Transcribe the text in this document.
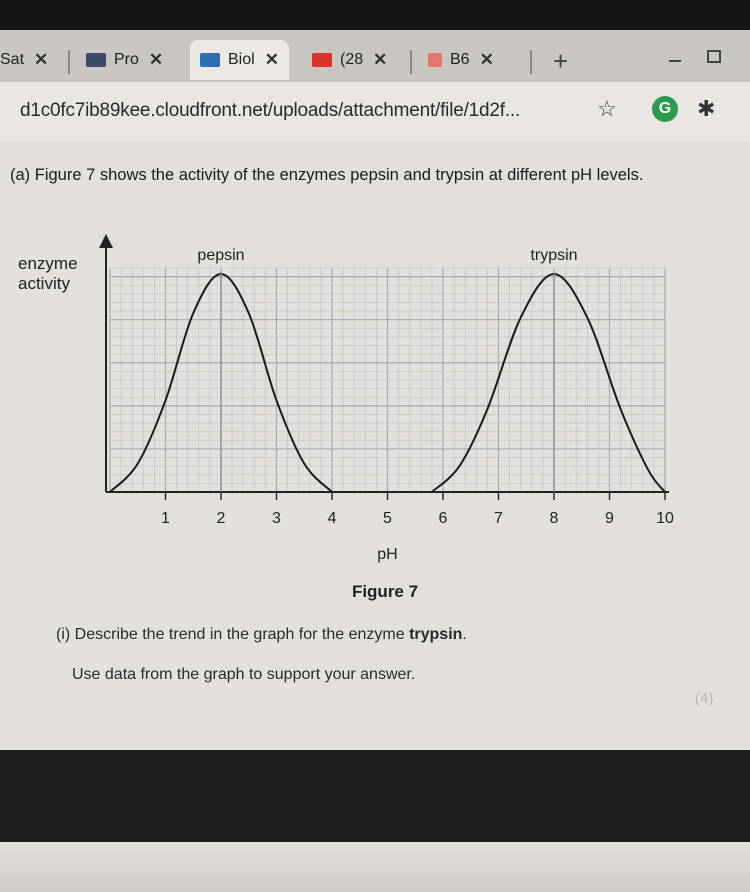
Sat ✕	Pro ✕	Biol ✕	(28 ✕	B6 ✕ +
d1c0fc7ib89kee.cloudfront.net/uploads/attachment/file/1d2f...	☆	G	✱
(a) Figure 7 shows the activity of the enzymes pepsin and trypsin at different pH levels.
enzyme activity
1	2	3	4	5	6	7	8	9	10
pH
pepsin	trypsin
Figure 7
(i) Describe the trend in the graph for the enzyme trypsin.
Use data from the graph to support your answer.
(4)
